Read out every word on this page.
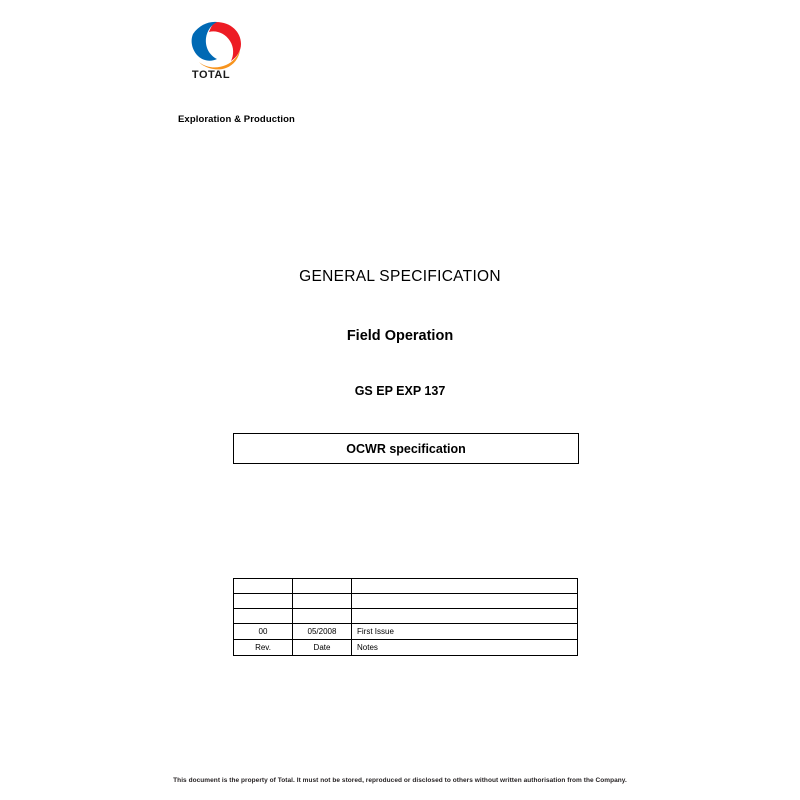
TOTAL
Exploration & Production
GENERAL SPECIFICATION
Field Operation
GS EP EXP 137
OCWR specification

00	05/2008	First Issue
Rev.	Date	Notes
This document is the property of Total. It must not be stored, reproduced or disclosed to others without written authorisation from the Company.
